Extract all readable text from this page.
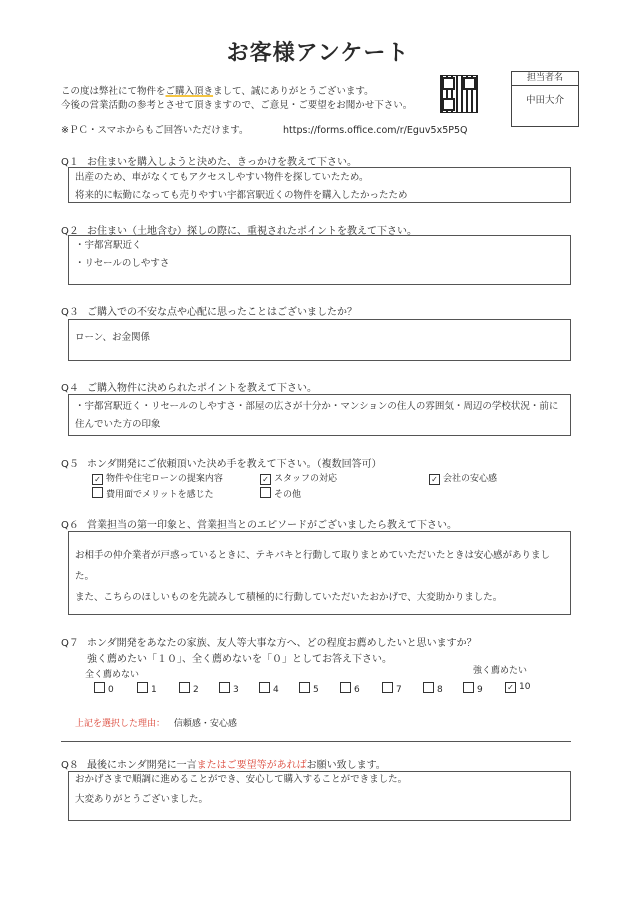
お客様アンケート
この度は弊社にて物件をご購入頂きまして、誠にありがとうございます。
今後の営業活動の参考とさせて頂きますので、ご意見・ご要望をお聞かせ下さい。
※ＰＣ・スマホからもご回答いただけます。	https://forms.office.com/r/Eguv5x5P5Q
担当者名
中田大介
Q１ お住まいを購入しようと決めた、きっかけを教えて下さい。
出産のため、車がなくてもアクセスしやすい物件を探していたため。
将来的に転勤になっても売りやすい宇都宮駅近くの物件を購入したかったため
Q２ お住まい（土地含む）探しの際に、重視されたポイントを教えて下さい。
・宇都宮駅近く
・リセールのしやすさ
Q３ ご購入での不安な点や心配に思ったことはございましたか？
ローン、お金関係
Q４ ご購入物件に決められたポイントを教えて下さい。
・宇都宮駅近く・リセールのしやすさ・部屋の広さが十分か・マンションの住人の雰囲気・周辺の学校状況・前に
住んでいた方の印象
Q５ ホンダ開発にご依頼頂いた決め手を教えて下さい。（複数回答可）
✓ 物件や住宅ローンの提案内容	✓ スタッフの対応	✓ 会社の安心感
費用面でメリットを感じた	その他
Q６ 営業担当の第一印象と、営業担当とのエピソードがございましたら教えて下さい。
お相手の仲介業者が戸惑っているときに、テキパキと行動して取りまとめていただいたときは安心感がありまし
た。
また、こちらのほしいものを先読みして積極的に行動していただいたおかげで、大変助かりました。
Q７ ホンダ開発をあなたの家族、友人等大事な方へ、どの程度お薦めしたいと思いますか？
強く薦めたい「１０」、全く薦めないを「０」としてお答え下さい。
全く薦めない	強く薦めたい
0	1	2	3	4	5	6	7	8	9	✓ 10
上記を選択した理由： 信頼感・安心感
Q８ 最後にホンダ開発に一言またはご要望等があればお願い致します。
おかげさまで順調に進めることができ、安心して購入することができました。
大変ありがとうございました。
